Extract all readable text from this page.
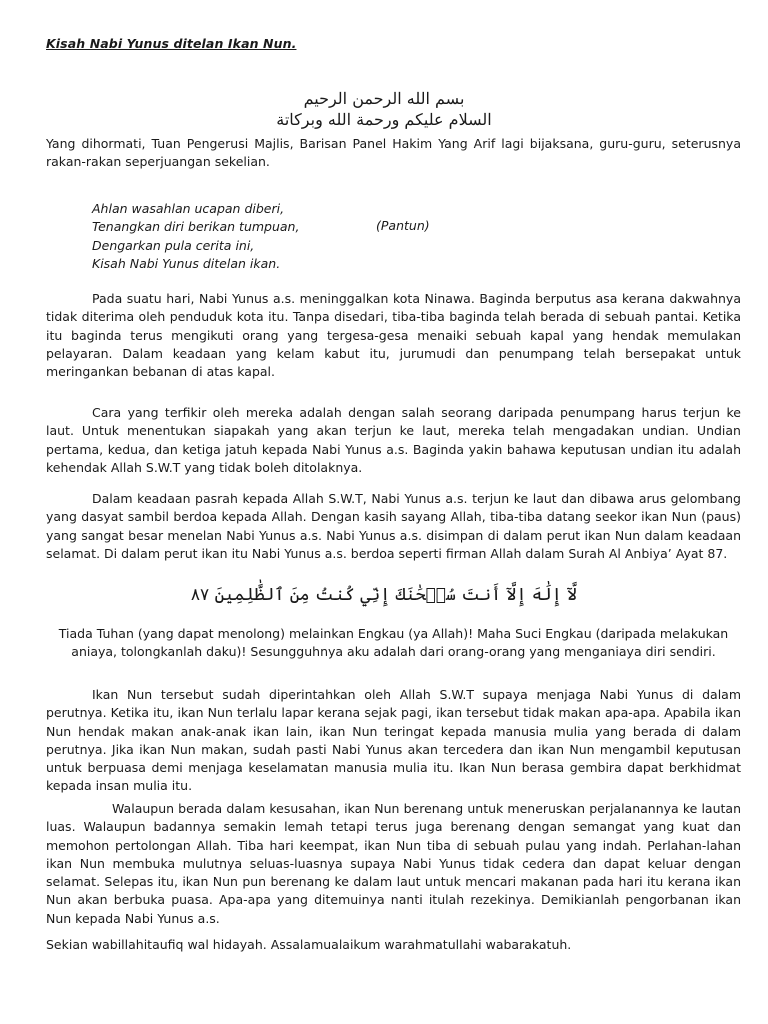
Kisah Nabi Yunus ditelan Ikan Nun.
بسم الله الرحمن الرحيم
السلام عليكم ورحمة الله وبركاتة

Yang dihormati, Tuan Pengerusi Majlis, Barisan Panel Hakim Yang Arif lagi bijaksana, guru-guru, seterusnya rakan-rakan seperjuangan sekelian.

Ahlan wasahlan ucapan diberi,
Tenangkan diri berikan tumpuan,
Dengarkan pula cerita ini,
Kisah Nabi Yunus ditelan ikan.
(Pantun)

Pada suatu hari, Nabi Yunus a.s. meninggalkan kota Ninawa. Baginda berputus asa kerana dakwahnya tidak diterima oleh penduduk kota itu. Tanpa disedari, tiba-tiba baginda telah berada di sebuah pantai. Ketika itu baginda terus mengikuti orang yang tergesa-gesa menaiki sebuah kapal yang hendak memulakan pelayaran. Dalam keadaan yang kelam kabut itu, jurumudi dan penumpang telah bersepakat untuk meringankan bebanan di atas kapal.

Cara yang terfikir oleh mereka adalah dengan salah seorang daripada penumpang harus terjun ke laut. Untuk menentukan siapakah yang akan terjun ke laut, mereka telah mengadakan undian. Undian pertama, kedua, dan ketiga jatuh kepada Nabi Yunus a.s. Baginda yakin bahawa keputusan undian itu adalah kehendak Allah S.W.T yang tidak boleh ditolaknya.

Dalam keadaan pasrah kepada Allah S.W.T, Nabi Yunus a.s. terjun ke laut dan dibawa arus gelombang yang dasyat sambil berdoa kepada Allah. Dengan kasih sayang Allah, tiba-tiba datang seekor ikan Nun (paus) yang sangat besar menelan Nabi Yunus a.s. Nabi Yunus a.s. disimpan di dalam perut ikan Nun dalam keadaan selamat. Di dalam perut ikan itu Nabi Yunus a.s. berdoa seperti firman Allah dalam Surah Al Anbiya’ Ayat 87.

لَّآ إِلَٰهَ إِلَّآ أَنتَ سُبۡحَٰنَكَ إِنِّي كُنتُ مِنَ ٱلظَّٰلِمِينَ ٨٧

Tiada Tuhan (yang dapat menolong) melainkan Engkau (ya Allah)! Maha Suci Engkau (daripada melakukan aniaya, tolongkanlah daku)! Sesungguhnya aku adalah dari orang-orang yang menganiaya diri sendiri.

Ikan Nun tersebut sudah diperintahkan oleh Allah S.W.T supaya menjaga Nabi Yunus di dalam perutnya. Ketika itu, ikan Nun terlalu lapar kerana sejak pagi, ikan tersebut tidak makan apa-apa. Apabila ikan Nun hendak makan anak-anak ikan lain, ikan Nun teringat kepada manusia mulia yang berada di dalam perutnya. Jika ikan Nun makan, sudah pasti Nabi Yunus akan tercedera dan ikan Nun mengambil keputusan untuk berpuasa demi menjaga keselamatan manusia mulia itu. Ikan Nun berasa gembira dapat berkhidmat kepada insan mulia itu.

Walaupun berada dalam kesusahan, ikan Nun berenang untuk meneruskan perjalanannya ke lautan luas. Walaupun badannya semakin lemah tetapi terus juga berenang dengan semangat yang kuat dan memohon pertolongan Allah. Tiba hari keempat, ikan Nun tiba di sebuah pulau yang indah. Perlahan-lahan ikan Nun membuka mulutnya seluas-luasnya supaya Nabi Yunus tidak cedera dan dapat keluar dengan selamat. Selepas itu, ikan Nun pun berenang ke dalam laut untuk mencari makanan pada hari itu kerana ikan Nun akan berbuka puasa. Apa-apa yang ditemuinya nanti itulah rezekinya. Demikianlah pengorbanan ikan Nun kepada Nabi Yunus a.s.

Sekian wabillahitaufiq wal hidayah. Assalamualaikum warahmatullahi wabarakatuh.
